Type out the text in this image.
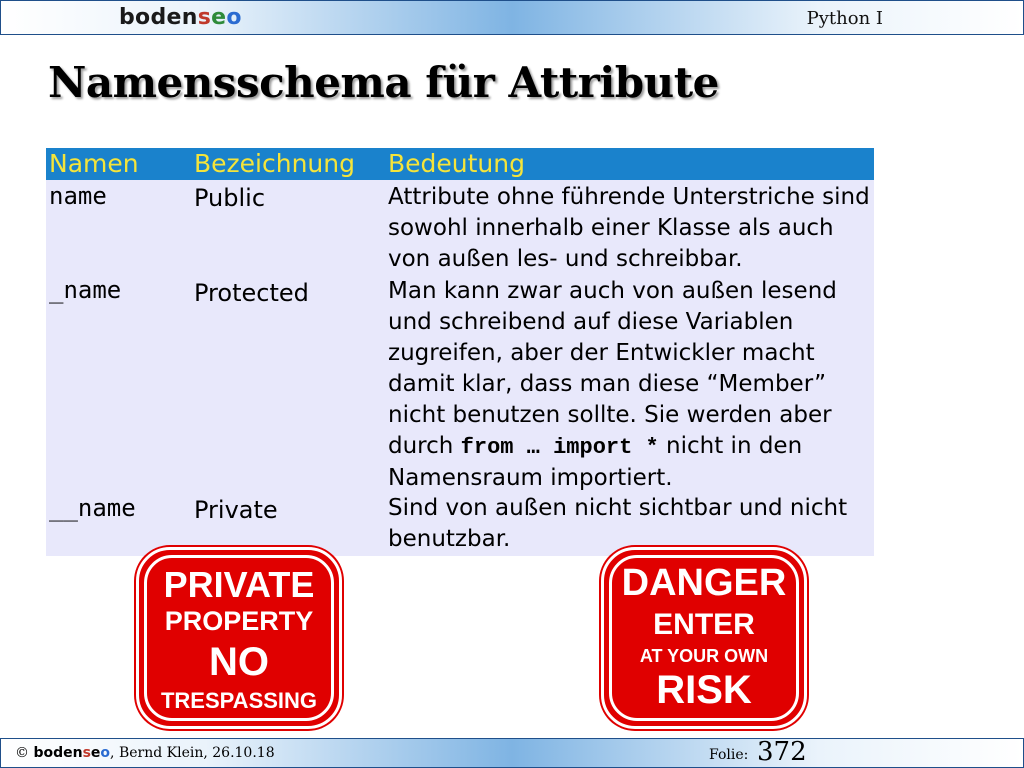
bodenseo	Python I
Namensschema für Attribute
Namen Bezeichnung Bedeutung
name	Public	Attribute ohne führende Unterstriche sind
sowohl innerhalb einer Klasse als auch
von außen les- und schreibbar.
_name	Protected	Man kann zwar auch von außen lesend
und schreibend auf diese Variablen
zugreifen, aber der Entwickler macht
damit klar, dass man diese “Member”
nicht benutzen sollte. Sie werden aber
durch from … import * nicht in den
Namensraum importiert.
__name Private	Sind von außen nicht sichtbar und nicht
benutzbar.
PRIVATE
PROPERTY
NO
TRESPASSING
DANGER
ENTER
AT YOUR OWN
RISK
© bodenseo, Bernd Klein, 26.10.18	Folie: 372
